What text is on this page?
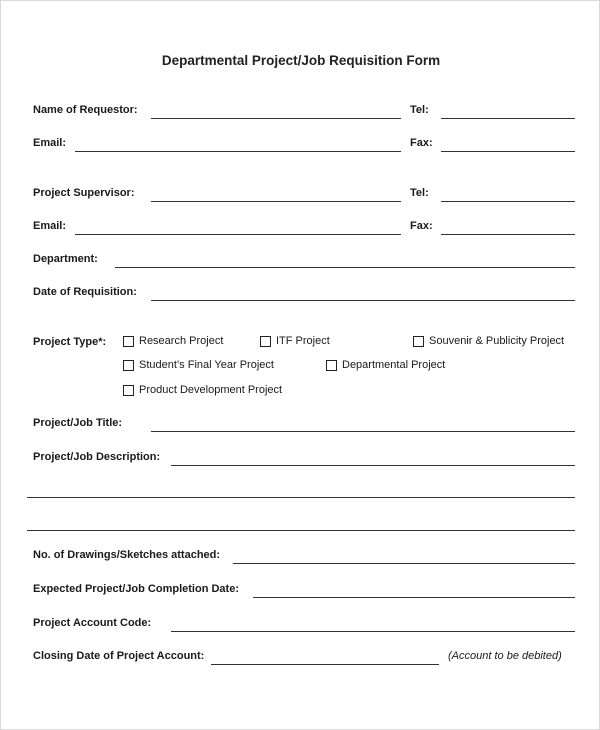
Departmental Project/Job Requisition Form
Name of Requestor:	Tel:
Email:	Fax:
Project Supervisor:	Tel:
Email:	Fax:
Department:
Date of Requisition:
Project Type*:	Research Project	ITF Project	Souvenir & Publicity Project
Student’s Final Year Project	Departmental Project
Product Development Project
Project/Job Title:
Project/Job Description:
No. of Drawings/Sketches attached:
Expected Project/Job Completion Date:
Project Account Code:
Closing Date of Project Account:	(Account to be debited)
